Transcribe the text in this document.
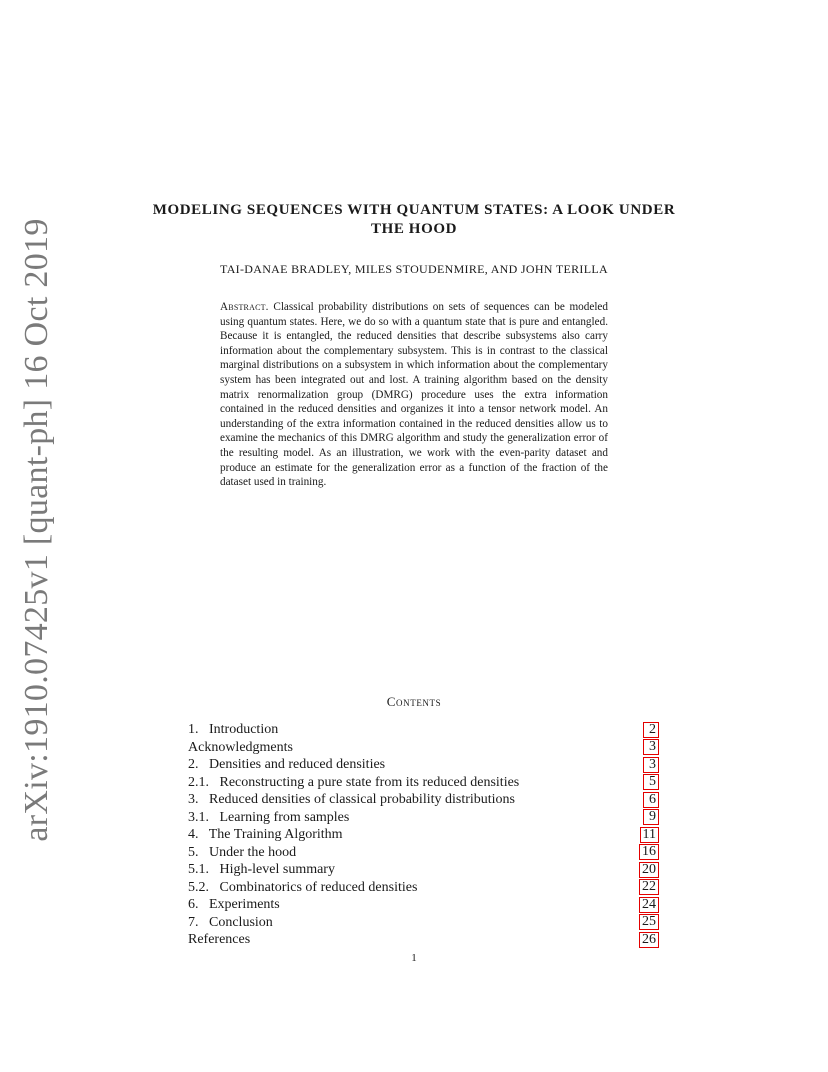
arXiv:1910.07425v1 [quant-ph] 16 Oct 2019
MODELING SEQUENCES WITH QUANTUM STATES: A LOOK UNDER THE HOOD
TAI-DANAE BRADLEY, MILES STOUDENMIRE, AND JOHN TERILLA
Abstract. Classical probability distributions on sets of sequences can be modeled using quantum states. Here, we do so with a quantum state that is pure and entangled. Because it is entangled, the reduced densities that describe subsystems also carry information about the complementary subsystem. This is in contrast to the classical marginal distributions on a subsystem in which information about the complementary system has been integrated out and lost. A training algorithm based on the density matrix renormalization group (DMRG) procedure uses the extra information contained in the reduced densities and organizes it into a tensor network model. An understanding of the extra information contained in the reduced densities allow us to examine the mechanics of this DMRG algorithm and study the generalization error of the resulting model. As an illustration, we work with the even-parity dataset and produce an estimate for the generalization error as a function of the fraction of the dataset used in training.
Contents
1.   Introduction	2
Acknowledgments	3
2.   Densities and reduced densities	3
2.1.   Reconstructing a pure state from its reduced densities	5
3.   Reduced densities of classical probability distributions	6
3.1.   Learning from samples	9
4.   The Training Algorithm	11
5.   Under the hood	16
5.1.   High-level summary	20
5.2.   Combinatorics of reduced densities	22
6.   Experiments	24
7.   Conclusion	25
References	26
1
